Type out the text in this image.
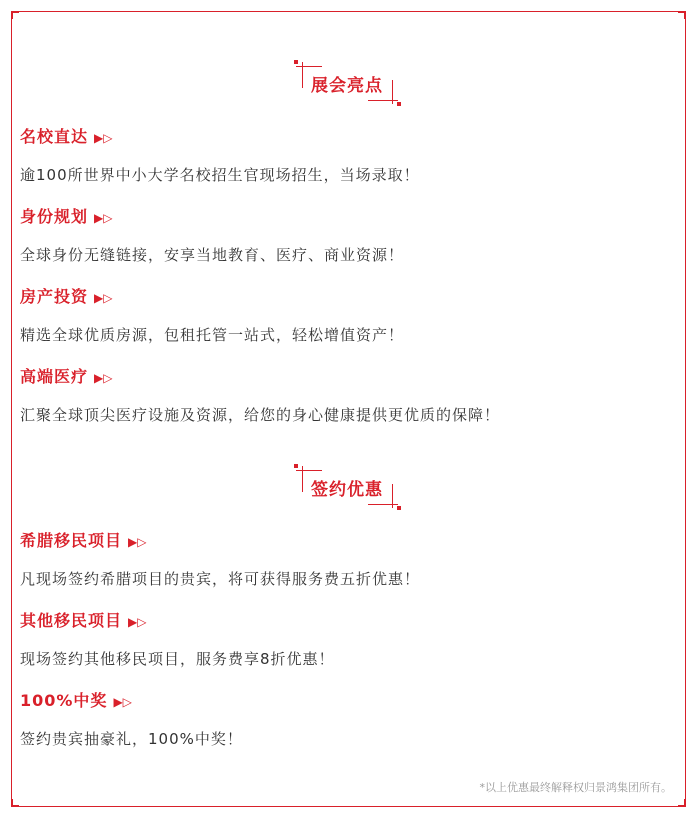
展会亮点
名校直达 ▶▷
逾100所世界中小大学名校招生官现场招生，当场录取！
身份规划 ▶▷
全球身份无缝链接，安享当地教育、医疗、商业资源！
房产投资 ▶▷
精选全球优质房源，包租托管一站式，轻松增值资产！
高端医疗 ▶▷
汇聚全球顶尖医疗设施及资源，给您的身心健康提供更优质的保障！
签约优惠
希腊移民项目 ▶▷
凡现场签约希腊项目的贵宾，将可获得服务费五折优惠！
其他移民项目 ▶▷
现场签约其他移民项目，服务费享8折优惠！
100%中奖 ▶▷
签约贵宾抽豪礼，100%中奖！
*以上优惠最终解释权归景鸿集团所有。
